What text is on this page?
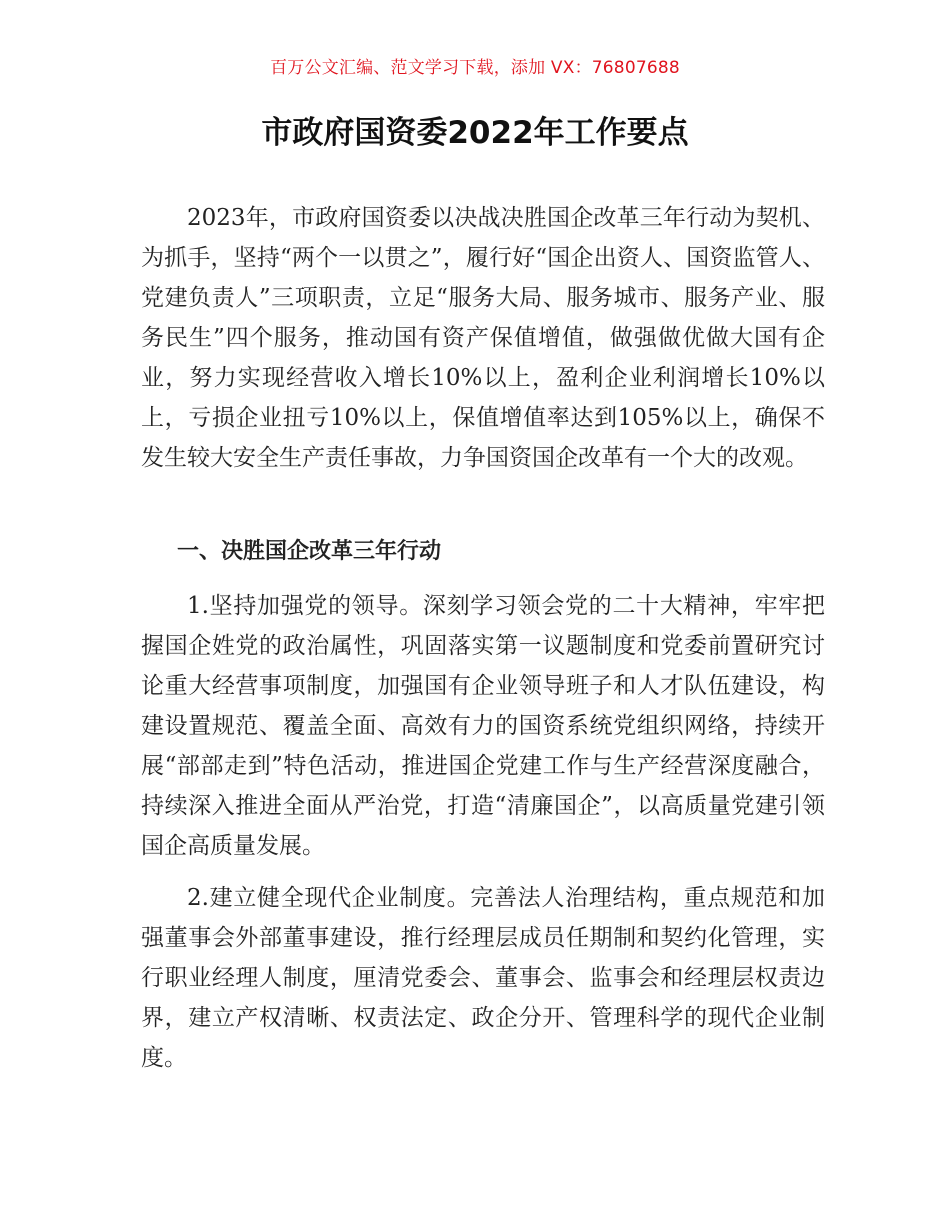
百万公文汇编、范文学习下载，添加 VX：76807688
市政府国资委2022年工作要点

2023年，市政府国资委以决战决胜国企改革三年行动为契机、为抓手，坚持“两个一以贯之”，履行好“国企出资人、国资监管人、党建负责人”三项职责，立足“服务大局、服务城市、服务产业、服务民生”四个服务，推动国有资产保值增值，做强做优做大国有企业，努力实现经营收入增长10%以上，盈利企业利润增长10%以上，亏损企业扭亏10%以上，保值增值率达到105%以上，确保不发生较大安全生产责任事故，力争国资国企改革有一个大的改观。

一、决胜国企改革三年行动

1.坚持加强党的领导。深刻学习领会党的二十大精神，牢牢把握国企姓党的政治属性，巩固落实第一议题制度和党委前置研究讨论重大经营事项制度，加强国有企业领导班子和人才队伍建设，构建设置规范、覆盖全面、高效有力的国资系统党组织网络，持续开展“部部走到”特色活动，推进国企党建工作与生产经营深度融合，持续深入推进全面从严治党，打造“清廉国企”，以高质量党建引领国企高质量发展。

2.建立健全现代企业制度。完善法人治理结构，重点规范和加强董事会外部董事建设，推行经理层成员任期制和契约化管理，实行职业经理人制度，厘清党委会、董事会、监事会和经理层权责边界，建立产权清晰、权责法定、政企分开、管理科学的现代企业制度。
